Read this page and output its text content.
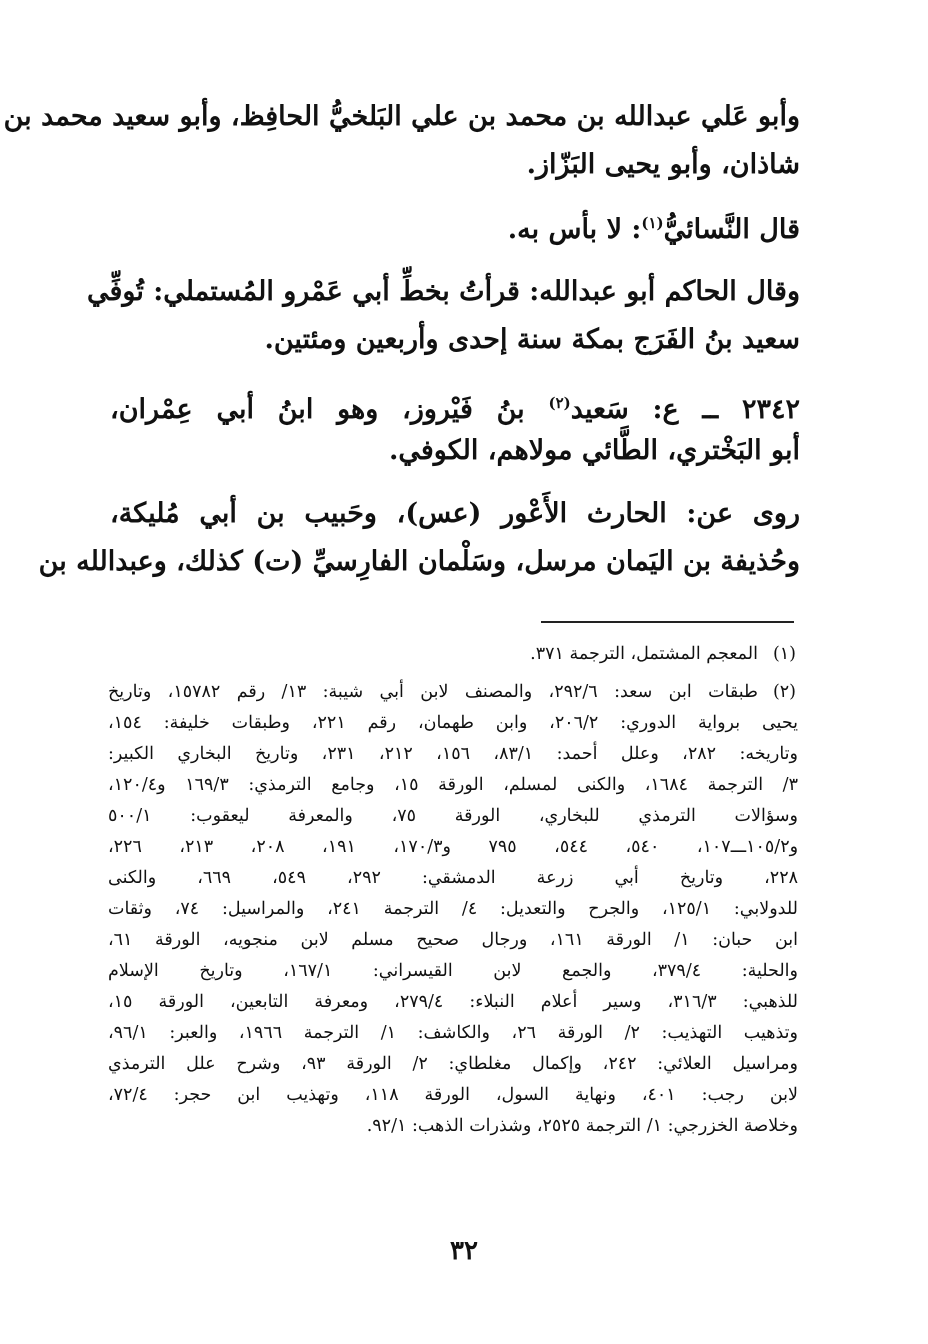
وأبو عَلي عبدالله بن محمد بن علي البَلخيُّ الحافِظ، وأبو سعيد محمد بن
شاذان، وأبو يحيى البَزّاز.
قال النَّسائيُّ$^{(١)}$: لا بأس به.
وقال الحاكم أبو عبدالله: قرأتُ بخطِّ أبي عَمْرو المُستملي: تُوفِّي
سعيد بنُ الفَرَج بمكة سنة إحدى وأربعين ومئتين.
٢٣٤٢ ــ ع: سَعيد$^{(٢)}$ بنُ فَيْروز، وهو ابنُ أبي عِمْران،
أبو البَخْتري، الطَّائي مولاهم، الكوفي.
روى عن: الحارث الأَعْور (عس)، وحَبيب بن أبي مُليكة،
وحُذيفة بن اليَمان مرسل، وسَلْمان الفارِسيِّ (ت) كذلك، وعبدالله بن
(١)
المعجم المشتمل، الترجمة ٣٧١.
(٢)
طبقات ابن سعد: ٢٩٢/٦، والمصنف لابن أبي شيبة: ١٣/ رقم ١٥٧٨٢، وتاريخ
يحيى برواية الدوري: ٢٠٦/٢، وابن طهمان، رقم ٢٢١، وطبقات خليفة: ١٥٤،
وتاريخه: ٢٨٢، وعلل أحمد: ٨٣/١، ١٥٦، ٢١٢، ٢٣١، وتاريخ البخاري الكبير:
٣/ الترجمة ١٦٨٤، والكنى لمسلم، الورقة ١٥، وجامع الترمذي: ١٦٩/٣ و١٢٠/٤،
وسؤالات الترمذي للبخاري، الورقة ٧٥، والمعرفة ليعقوب: ٥٠٠/١
و١٠٥/٢ـــ١٠٧، ٥٤٠، ٥٤٤، ٧٩٥ و١٧٠/٣، ١٩١، ٢٠٨، ٢١٣، ٢٢٦،
٢٢٨، وتاريخ أبي زرعة الدمشقي: ٢٩٢، ٥٤٩، ٦٦٩، والكنى
للدولابي: ١٢٥/١، والجرح والتعديل: ٤/ الترجمة ٢٤١، والمراسيل: ٧٤، وثقات
ابن حبان: ١/ الورقة ١٦١، ورجال صحيح مسلم لابن منجويه، الورقة ٦١،
والحلية: ٣٧٩/٤، والجمع لابن القيسراني: ١٦٧/١، وتاريخ الإسلام
للذهبي: ٣١٦/٣، وسير أعلام النبلاء: ٢٧٩/٤، ومعرفة التابعين، الورقة ١٥،
وتذهيب التهذيب: ٢/ الورقة ٢٦، والكاشف: ١/ الترجمة ١٩٦٦، والعبر: ٩٦/١،
ومراسيل العلائي: ٢٤٢، وإكمال مغلطاي: ٢/ الورقة ٩٣، وشرح علل الترمذي
لابن رجب: ٤٠١، ونهاية السول، الورقة ١١٨، وتهذيب ابن حجر: ٧٢/٤،
وخلاصة الخزرجي: ١/ الترجمة ٢٥٢٥، وشذرات الذهب: ٩٢/١.
٣٢
